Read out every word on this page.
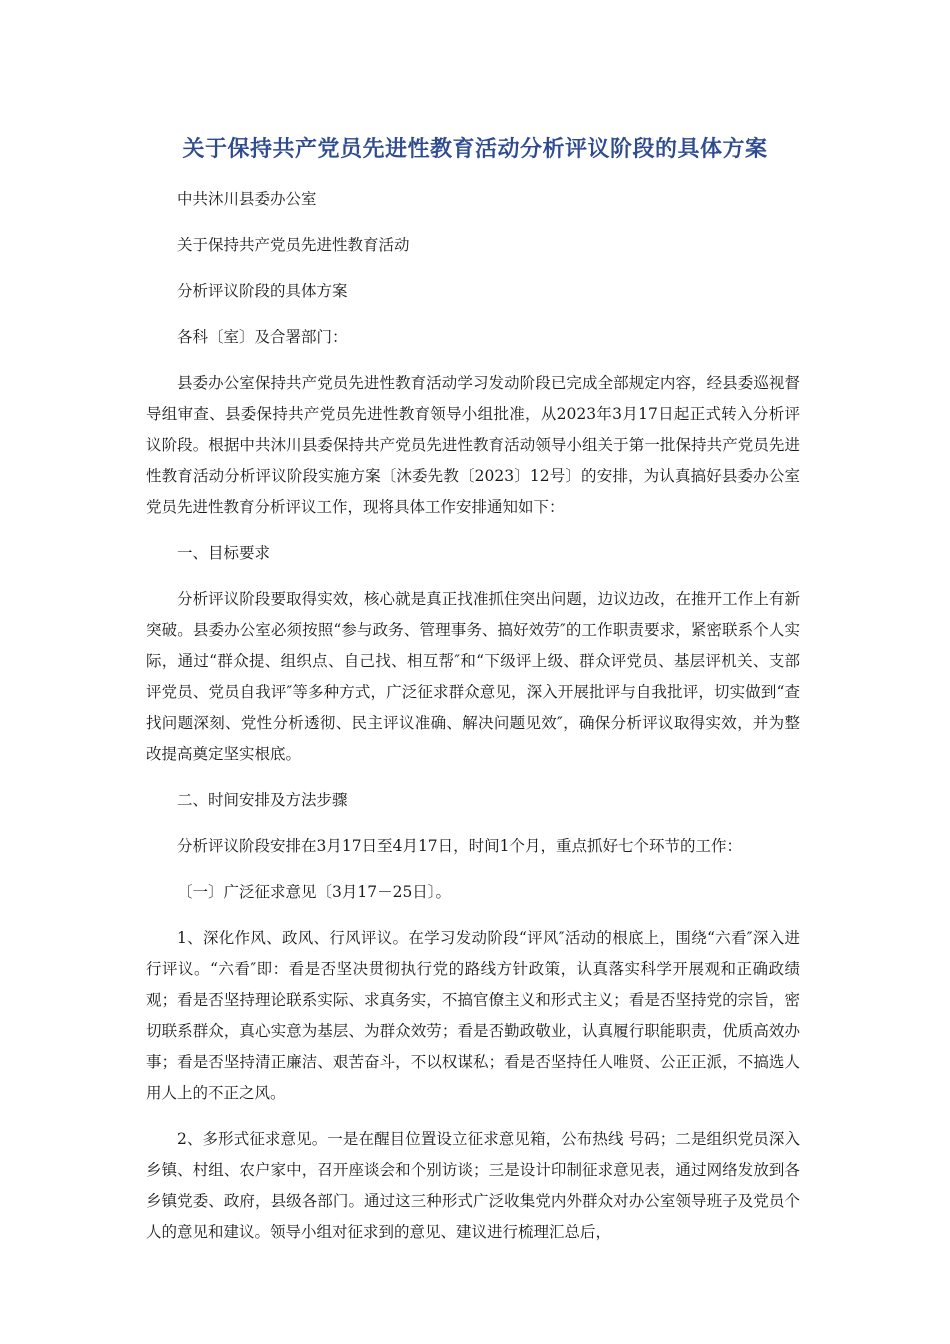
关于保持共产党员先进性教育活动分析评议阶段的具体方案

中共沐川县委办公室

关于保持共产党员先进性教育活动

分析评议阶段的具体方案

各科〔室〕及合署部门：

县委办公室保持共产党员先进性教育活动学习发动阶段已完成全部规定内容，经县委巡视督导组审查、县委保持共产党员先进性教育领导小组批准，从2023年3月17日起正式转入分析评议阶段。根据中共沐川县委保持共产党员先进性教育活动领导小组关于第一批保持共产党员先进性教育活动分析评议阶段实施方案〔沐委先教〔2023〕12号〕的安排，为认真搞好县委办公室党员先进性教育分析评议工作，现将具体工作安排通知如下：

一、目标要求

分析评议阶段要取得实效，核心就是真正找准抓住突出问题，边议边改，在推开工作上有新突破。县委办公室必须按照“参与政务、管理事务、搞好效劳″的工作职责要求，紧密联系个人实际，通过“群众提、组织点、自己找、相互帮″和“下级评上级、群众评党员、基层评机关、支部评党员、党员自我评″等多种方式，广泛征求群众意见，深入开展批评与自我批评，切实做到“查找问题深刻、党性分析透彻、民主评议准确、解决问题见效″，确保分析评议取得实效，并为整改提高奠定坚实根底。

二、时间安排及方法步骤

分析评议阶段安排在3月17日至4月17日，时间1个月，重点抓好七个环节的工作：

〔一〕广泛征求意见〔3月17－25日〕。

1、深化作风、政风、行风评议。在学习发动阶段“评风″活动的根底上，围绕“六看″深入进行评议。“六看″即：看是否坚决贯彻执行党的路线方针政策，认真落实科学开展观和正确政绩观；看是否坚持理论联系实际、求真务实，不搞官僚主义和形式主义；看是否坚持党的宗旨，密切联系群众，真心实意为基层、为群众效劳；看是否勤政敬业，认真履行职能职责，优质高效办事；看是否坚持清正廉洁、艰苦奋斗，不以权谋私；看是否坚持任人唯贤、公正正派，不搞选人用人上的不正之风。

2、多形式征求意见。一是在醒目位置设立征求意见箱，公布热线 号码；二是组织党员深入乡镇、村组、农户家中，召开座谈会和个别访谈；三是设计印制征求意见表，通过网络发放到各乡镇党委、政府，县级各部门。通过这三种形式广泛收集党内外群众对办公室领导班子及党员个人的意见和建议。领导小组对征求到的意见、建议进行梳理汇总后，
